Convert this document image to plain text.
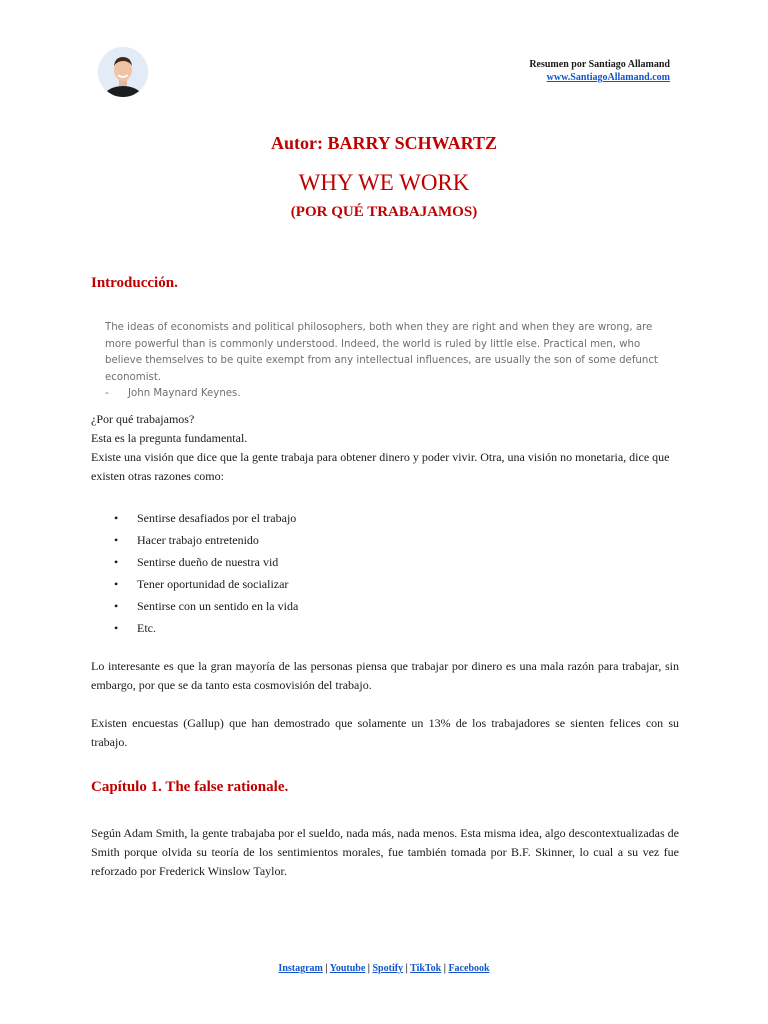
Resumen por Santiago Allamand
www.SantiagoAllamand.com
Autor: BARRY SCHWARTZ
WHY WE WORK
(POR QUÉ TRABAJAMOS)
Introducción.
The ideas of economists and political philosophers, both when they are right and when they are wrong, are more powerful than is commonly understood. Indeed, the world is ruled by little else. Practical men, who believe themselves to be quite exempt from any intellectual influences, are usually the son of some defunct economist.
-	John Maynard Keynes.
¿Por qué trabajamos?
Esta es la pregunta fundamental.
Existe una visión que dice que la gente trabaja para obtener dinero y poder vivir. Otra, una visión no monetaria, dice que existen otras razones como:
• Sentirse desafiados por el trabajo
• Hacer trabajo entretenido
• Sentirse dueño de nuestra vid
• Tener oportunidad de socializar
• Sentirse con un sentido en la vida
• Etc.
Lo interesante es que la gran mayoría de las personas piensa que trabajar por dinero es una mala razón para trabajar, sin embargo, por que se da tanto esta cosmovisión del trabajo.
Existen encuestas (Gallup) que han demostrado que solamente un 13% de los trabajadores se sienten felices con su trabajo.
Capítulo 1. The false rationale.
Según Adam Smith, la gente trabajaba por el sueldo, nada más, nada menos. Esta misma idea, algo descontextualizadas de Smith porque olvida su teoría de los sentimientos morales, fue también tomada por B.F. Skinner, lo cual a su vez fue reforzado por Frederick Winslow Taylor.
Instagram | Youtube | Spotify | TikTok | Facebook
